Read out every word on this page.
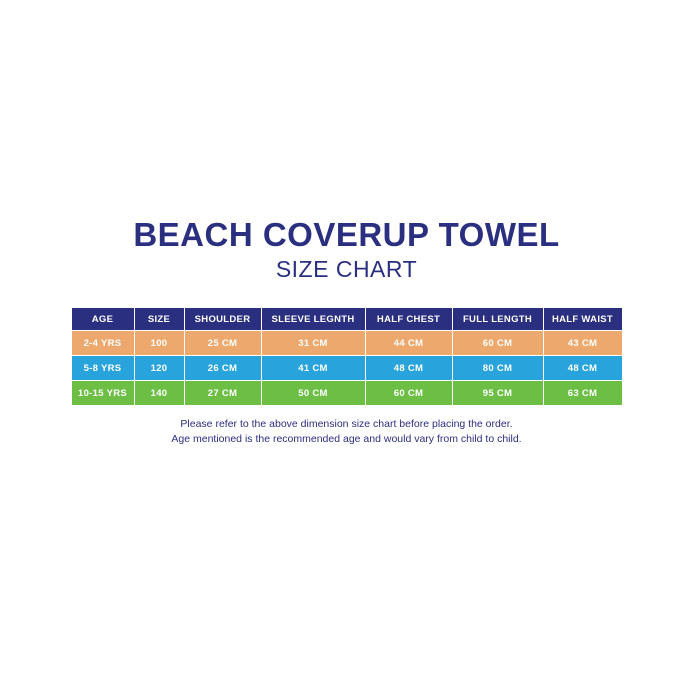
BEACH COVERUP TOWEL
SIZE CHART
AGE	SIZE	SHOULDER	SLEEVE LEGNTH	HALF CHEST	FULL LENGTH	HALF WAIST
2-4 YRS	100	25 CM	31 CM	44 CM	60 CM	43 CM
5-8 YRS	120	26 CM	41 CM	48 CM	80 CM	48 CM
10-15 YRS	140	27 CM	50 CM	60 CM	95 CM	63 CM
Please refer to the above dimension size chart before placing the order.
Age mentioned is the recommended age and would vary from child to child.
